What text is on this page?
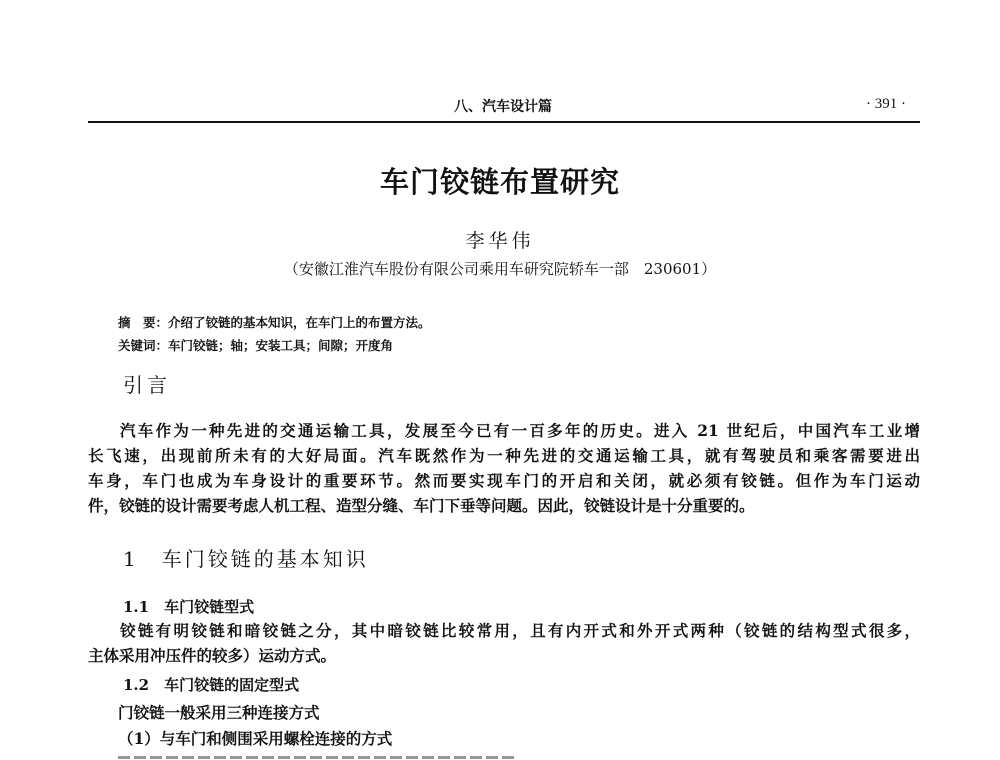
八、汽车设计篇	· 391 ·
车门铰链布置研究
李华伟
（安徽江淮汽车股份有限公司乘用车研究院轿车一部　230601）
摘　要：介绍了铰链的基本知识，在车门上的布置方法。
关键词：车门铰链；轴；安装工具；间隙；开度角
引言
汽车作为一种先进的交通运输工具，发展至今已有一百多年的历史。进入 21 世纪后，中国汽车工业增
长飞速，出现前所未有的大好局面。汽车既然作为一种先进的交通运输工具，就有驾驶员和乘客需要进出
车身，车门也成为车身设计的重要环节。然而要实现车门的开启和关闭，就必须有铰链。但作为车门运动
件，铰链的设计需要考虑人机工程、造型分缝、车门下垂等问题。因此，铰链设计是十分重要的。
1　车门铰链的基本知识
1.1　车门铰链型式
铰链有明铰链和暗铰链之分，其中暗铰链比较常用，且有内开式和外开式两种（铰链的结构型式很多，
主体采用冲压件的较多）运动方式。
1.2　车门铰链的固定型式
门铰链一般采用三种连接方式
（1）与车门和侧围采用螺栓连接的方式
